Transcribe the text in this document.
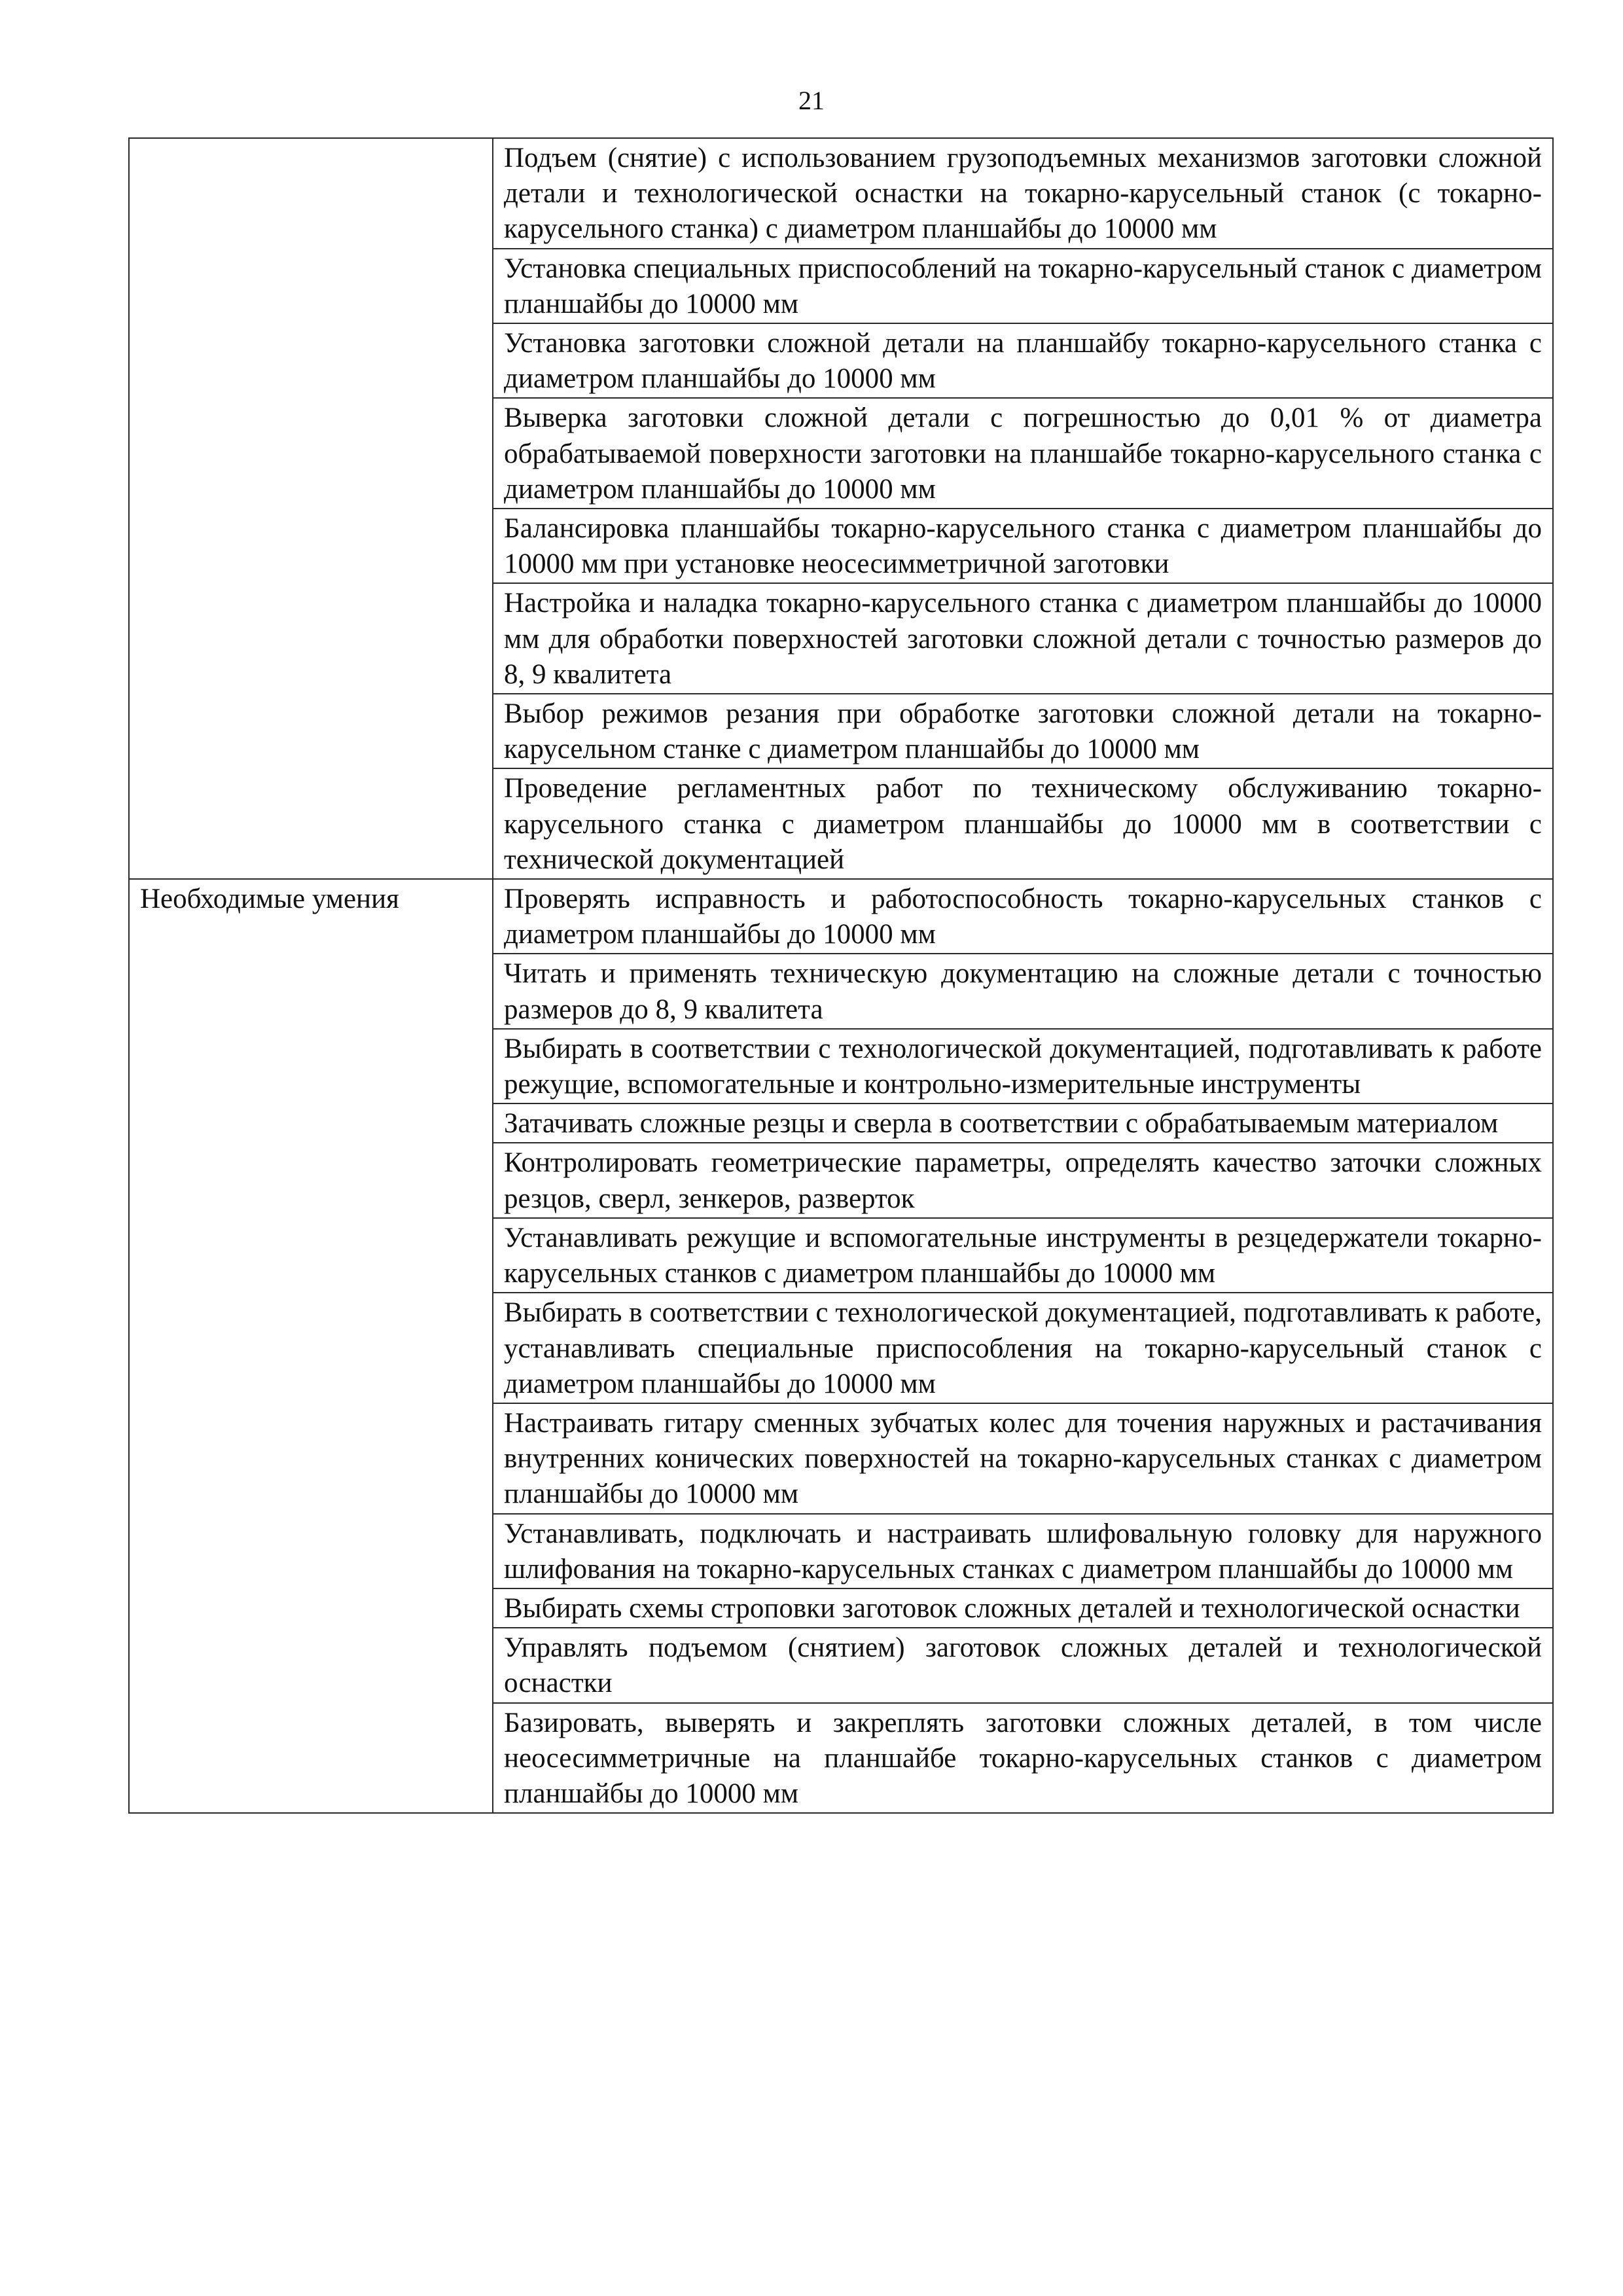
21
	Подъем (снятие) с использованием грузоподъемных механизмов заготовки сложной детали и технологической оснастки на токарно-карусельный станок (с токарно-карусельного станка) с диаметром планшайбы до 10000 мм
	Установка специальных приспособлений на токарно-карусельный станок с диаметром планшайбы до 10000 мм
	Установка заготовки сложной детали на планшайбу токарно-карусельного станка с диаметром планшайбы до 10000 мм
	Выверка заготовки сложной детали с погрешностью до 0,01 % от диаметра обрабатываемой поверхности заготовки на планшайбе токарно-карусельного станка с диаметром планшайбы до 10000 мм
	Балансировка планшайбы токарно-карусельного станка с диаметром планшайбы до 10000 мм при установке неосесимметричной заготовки
	Настройка и наладка токарно-карусельного станка с диаметром планшайбы до 10000 мм для обработки поверхностей заготовки сложной детали с точностью размеров до 8, 9 квалитета
	Выбор режимов резания при обработке заготовки сложной детали на токарно-карусельном станке с диаметром планшайбы до 10000 мм
	Проведение регламентных работ по техническому обслуживанию токарно-карусельного станка с диаметром планшайбы до 10000 мм в соответствии с технической документацией
Необходимые умения	Проверять исправность и работоспособность токарно-карусельных станков с диаметром планшайбы до 10000 мм
	Читать и применять техническую документацию на сложные детали с точностью размеров до 8, 9 квалитета
	Выбирать в соответствии с технологической документацией, подготавливать к работе режущие, вспомогательные и контрольно-измерительные инструменты
	Затачивать сложные резцы и сверла в соответствии с обрабатываемым материалом
	Контролировать геометрические параметры, определять качество заточки сложных резцов, сверл, зенкеров, разверток
	Устанавливать режущие и вспомогательные инструменты в резцедержатели токарно-карусельных станков с диаметром планшайбы до 10000 мм
	Выбирать в соответствии с технологической документацией, подготавливать к работе, устанавливать специальные приспособления на токарно-карусельный станок с диаметром планшайбы до 10000 мм
	Настраивать гитару сменных зубчатых колес для точения наружных и растачивания внутренних конических поверхностей на токарно-карусельных станках с диаметром планшайбы до 10000 мм
	Устанавливать, подключать и настраивать шлифовальную головку для наружного шлифования на токарно-карусельных станках с диаметром планшайбы до 10000 мм
	Выбирать схемы строповки заготовок сложных деталей и технологической оснастки
	Управлять подъемом (снятием) заготовок сложных деталей и технологической оснастки
	Базировать, выверять и закреплять заготовки сложных деталей, в том числе неосесимметричные на планшайбе токарно-карусельных станков с диаметром планшайбы до 10000 мм
